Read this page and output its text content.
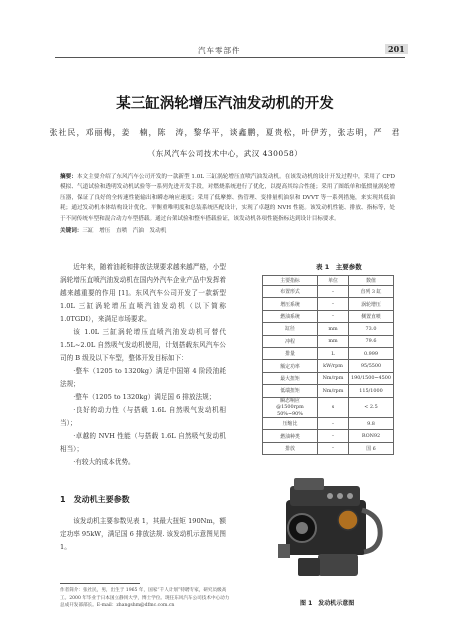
汽车零部件	201
某三缸涡轮增压汽油发动机的开发
张社民，邓丽梅，姜　楠，陈　涛，黎华平，谈鑫鹏，夏贵松，叶伊芳，张志明，严　君
（东风汽车公司技术中心，武汉 430058）
摘要：本文主要介绍了东风汽车公司开发的一款新型 1.0L 三缸涡轮增压直喷汽油发动机。在该发动机的设计开发过程中，采用了 CFD 模拟、气道试验和透明发动机试验等一系列先进开发手段，对燃烧系统进行了优化，以提高其综合性能；采用了图纸单和低惯量涡轮增压器，保证了良好的全转速性能输出和瞬态响应速度；采用了低摩擦、热管理、变排量机油泵和 DVVT 等一系列措施，来实现其低油耗；通过发动机本体结构设计优化、平衡重唯明度和总装系统匹配设计，实现了卓越的 NVH 性能。该发动机性能、排放、指标等，处于不同传统车型和混合动力车型搭载。通过台架试验和整车搭载验证，该发动机各项性能指标达到设计目标要求。
关键词：三缸　增压　直喷　汽油　发动机

近年来，随着油耗和排放法规要求越来越严格，小型涡轮增压直喷汽油发动机在国内外汽车企业产品中发挥着越来越重要的作用 [1]。东风汽车公司开发了一款新型 1.0L 三缸涡轮增压直喷汽油发动机（以下简称 1.0TGDI），来满足市场要求。

该 1.0L 三缸涡轮增压直喷汽油发动机可替代 1.5L~2.0L 自然吸气发动机使用，计划搭载东风汽车公司的 B 级及以下车型，整体开发目标如下：

·整车（1205 to 1320kg）满足中国第 4 阶段油耗法规；

·整车（1205 to 1320kg）满足国 6 排放法规；

·良好的动力性（与搭载 1.6L 自然吸气发动机相当）；

·卓越的 NVH 性能（与搭载 1.6L 自然吸气发动机相当）；

·有较大的成本优势。

1　发动机主要参数
该发动机主要参数见表 1，其最大扭矩 190Nm，额定功率 95kW，满足国 6 排放法规. 该发动机示意图见图 1。
作者简介：张社民，男，出生于 1965 年，国家“千人计划”特聘专家，研究员级高工。2000 年毕业于日本国立静冈大学，博士学位。现任东风汽车公司技术中心动力总成开发部部长。E-mail：zhangshm@dfmc.com.cn
表 1　主要参数
主要指标	单位	数值
布置形式	–	直列 3 缸
增压系统	–	涡轮增压
燃油系统	–	侧置直喷
缸径	mm	73.0
冲程	mm	79.6
排量	L	0.999
额定功率	kW/rpm	95/5500
最大扭矩	Nm/rpm	190/1500~4500
低端扭矩	Nm/rpm	115/1000
瞬态响应
@1500rpm 50%~90%	s	< 2.5
压缩比	–	9.8
燃油种类	–	RON92
排放	–	国 6
图 1　发动机示意图
